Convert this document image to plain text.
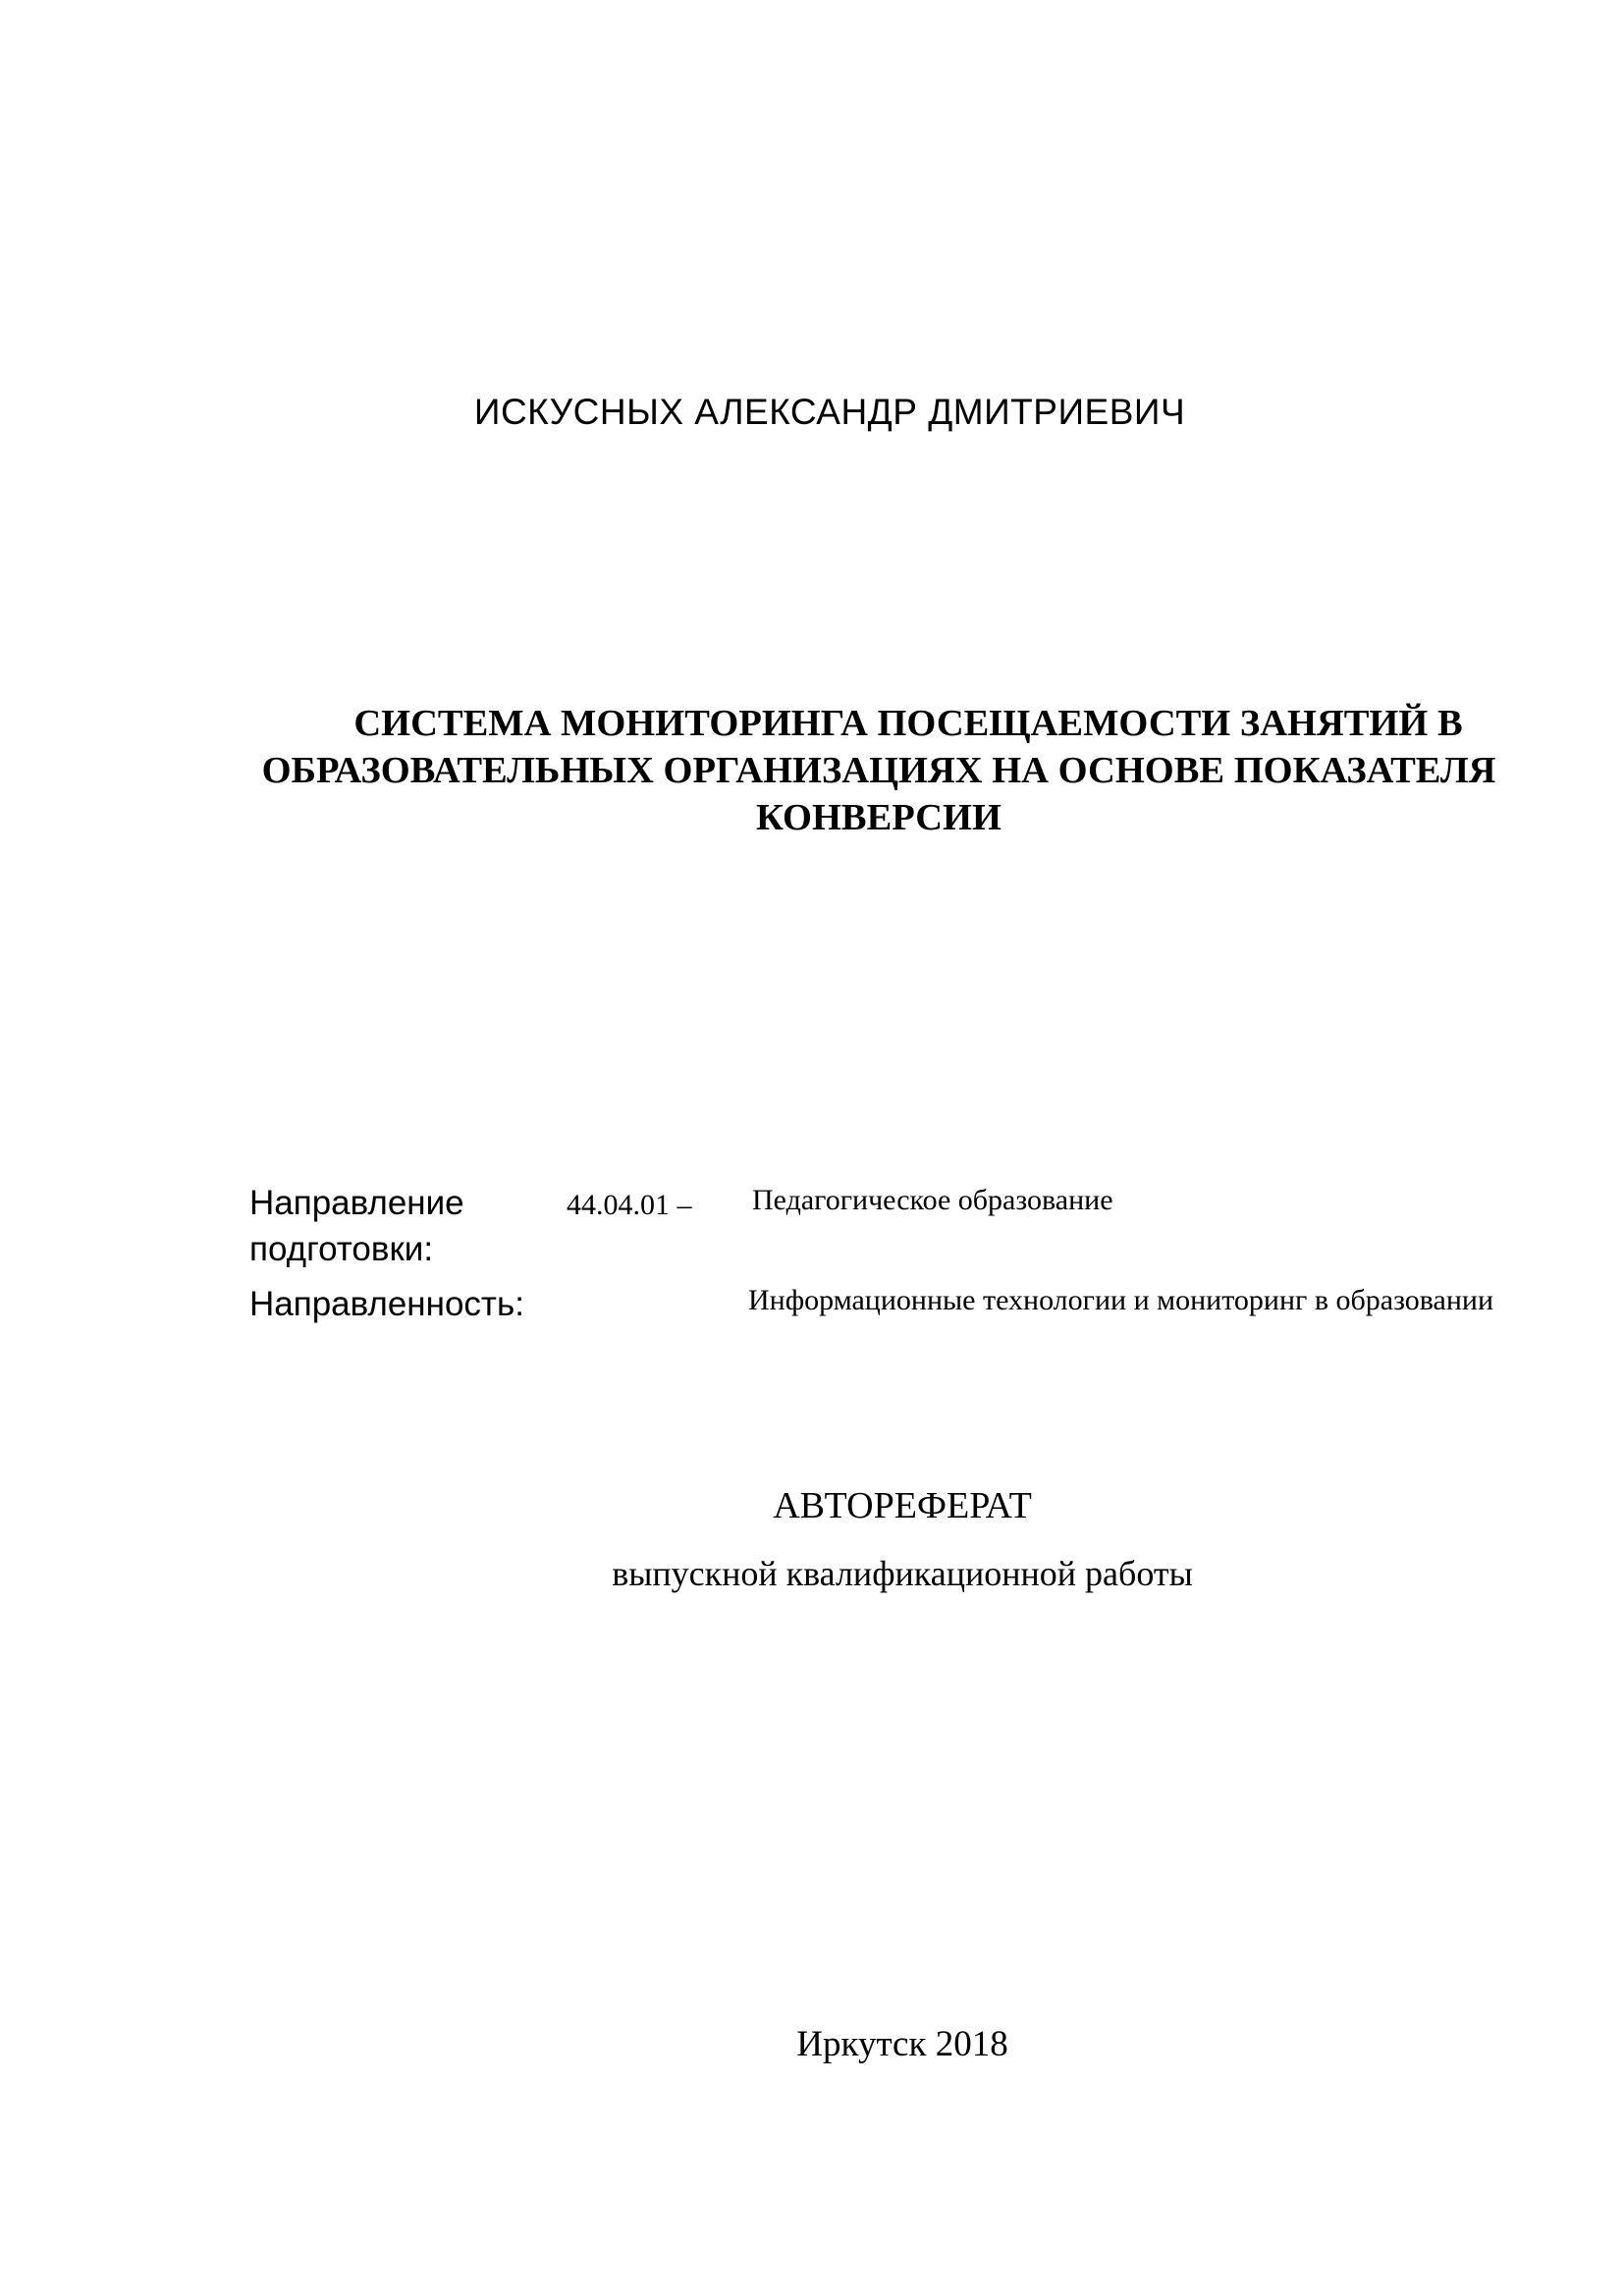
ИСКУСНЫХ АЛЕКСАНДР ДМИТРИЕВИЧ
СИСТЕМА МОНИТОРИНГА ПОСЕЩАЕМОСТИ ЗАНЯТИЙ В
ОБРАЗОВАТЕЛЬНЫХ ОРГАНИЗАЦИЯХ НА ОСНОВЕ ПОКАЗАТЕЛЯ
КОНВЕРСИИ
Направление
подготовки:
44.04.01 – Педагогическое образование
Направленность:	Информационные технологии и мониторинг в образовании
АВТОРЕФЕРАТ
выпускной квалификационной работы
Иркутск 2018
